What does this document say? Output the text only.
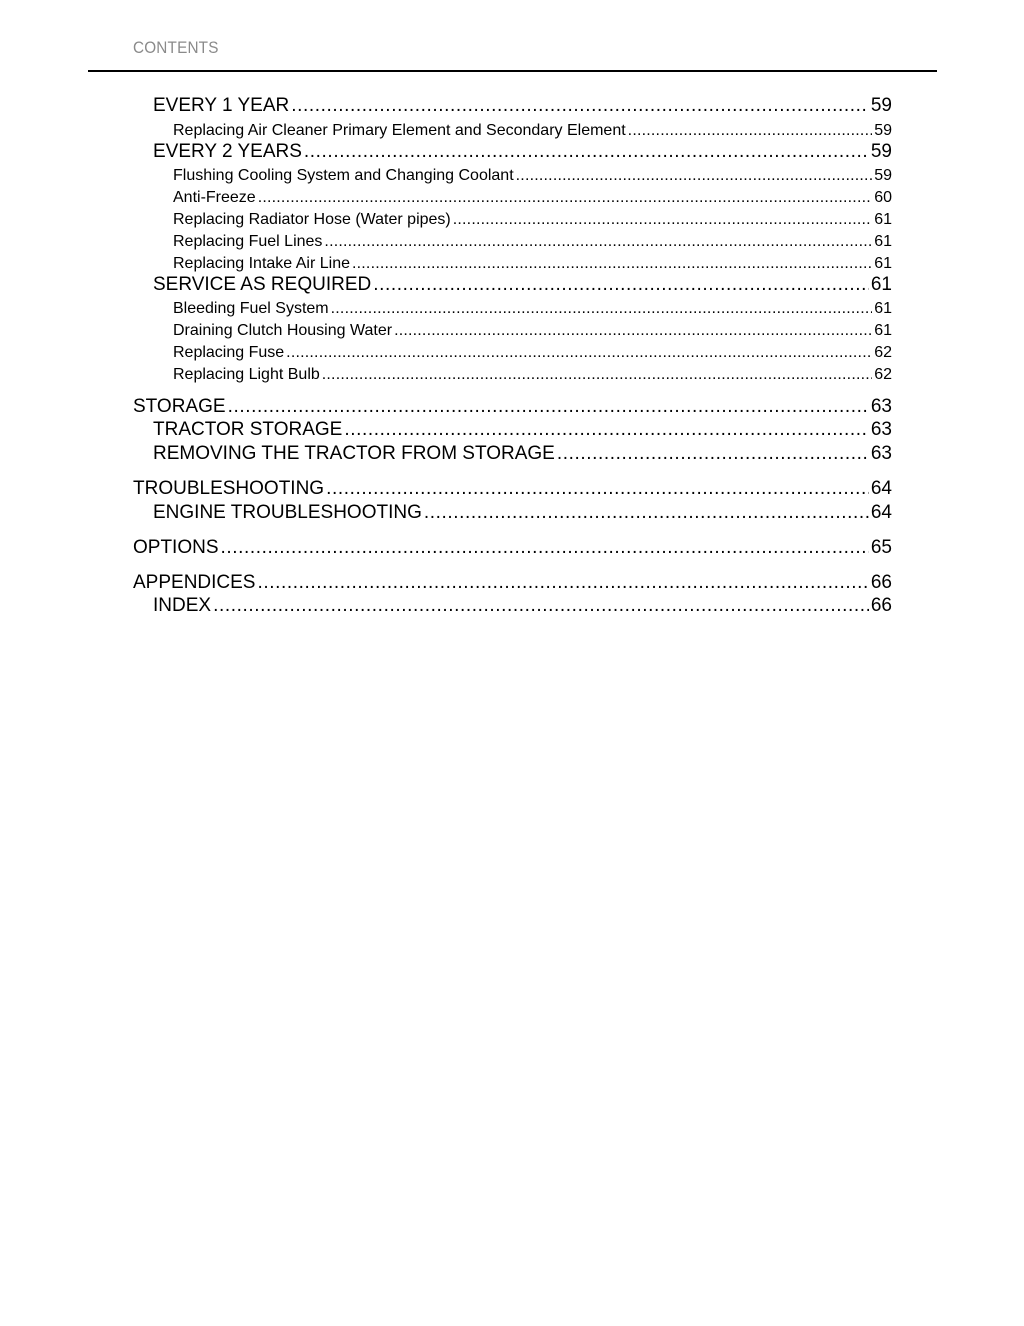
CONTENTS
EVERY 1 YEAR .....	59
Replacing Air Cleaner Primary Element and Secondary Element .....	59
EVERY 2 YEARS .....	59
Flushing Cooling System and Changing Coolant .....	59
Anti-Freeze .....	60
Replacing Radiator Hose (Water pipes) .....	61
Replacing Fuel Lines .....	61
Replacing Intake Air Line .....	61
SERVICE AS REQUIRED .....	61
Bleeding Fuel System .....	61
Draining Clutch Housing Water .....	61
Replacing Fuse .....	62
Replacing Light Bulb .....	62
STORAGE .....	63
TRACTOR STORAGE .....	63
REMOVING THE TRACTOR FROM STORAGE .....	63
TROUBLESHOOTING .....	64
ENGINE TROUBLESHOOTING .....	64
OPTIONS .....	65
APPENDICES .....	66
INDEX .....	66
